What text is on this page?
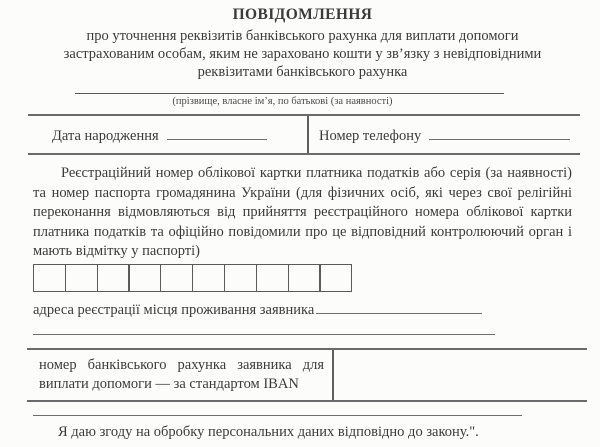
ПОВІДОМЛЕННЯ
про уточнення реквізитів банківського рахунка для виплати допомоги
застрахованим особам, яким не зараховано кошти у зв’язку з невідповідними
реквізитами банківського рахунка
(прізвище, власне ім’я, по батькові (за наявності)
Дата народження	Номер телефону
Реєстраційний номер облікової картки платника податків або серія (за наявності) та номер паспорта громадянина України (для фізичних осіб, які через свої релігійні переконання відмовляються від прийняття реєстраційного номера облікової картки платника податків та офіційно повідомили про це відповідний контролюючий орган і мають відмітку у паспорті)
адреса реєстрації місця проживання заявника
номер банківського рахунка заявника для виплати допомоги — за стандартом IBAN
Я даю згоду на обробку персональних даних відповідно до закону.".
